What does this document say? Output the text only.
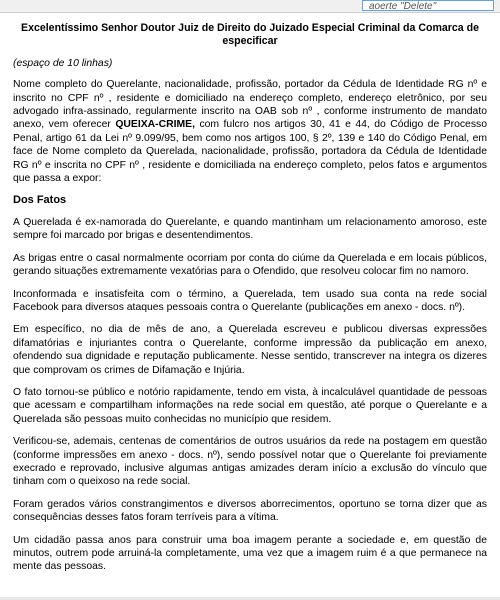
aoerte "Delete"
Excelentíssimo Senhor Doutor Juiz de Direito do Juizado Especial Criminal da Comarca de especificar
(espaço de 10 linhas)

Nome completo do Querelante, nacionalidade, profissão, portador da Cédula de Identidade RG nº e inscrito no CPF nº , residente e domiciliado na endereço completo, endereço eletrônico, por seu advogado infra-assinado, regularmente inscrito na OAB sob nº , conforme instrumento de mandato anexo, vem oferecer QUEIXA-CRIME, com fulcro nos artigos 30, 41 e 44, do Código de Processo Penal, artigo 61 da Lei nº 9.099/95, bem como nos artigos 100, § 2º, 139 e 140 do Código Penal, em face de Nome completo da Querelada, nacionalidade, profissão, portadora da Cédula de Identidade RG nº e inscrita no CPF nº , residente e domiciliada na endereço completo, pelos fatos e argumentos que passa a expor:

Dos Fatos

A Querelada é ex-namorada do Querelante, e quando mantinham um relacionamento amoroso, este sempre foi marcado por brigas e desentendimentos.

As brigas entre o casal normalmente ocorriam por conta do ciúme da Querelada e em locais públicos, gerando situações extremamente vexatórias para o Ofendido, que resolveu colocar fim no namoro.

Inconformada e insatisfeita com o término, a Querelada, tem usado sua conta na rede social Facebook para diversos ataques pessoais contra o Querelante (publicações em anexo - docs. nº).

Em específico, no dia de mês de ano, a Querelada escreveu e publicou diversas expressões difamatórias e injuriantes contra o Querelante, conforme impressão da publicação em anexo, ofendendo sua dignidade e reputação publicamente. Nesse sentido, transcrever na integra os dizeres que comprovam os crimes de Difamação e Injúria.

O fato tornou-se público e notório rapidamente, tendo em vista, à incalculável quantidade de pessoas que acessam e compartilham informações na rede social em questão, até porque o Querelante e a Querelada são pessoas muito conhecidas no município que residem.

Verificou-se, ademais, centenas de comentários de outros usuários da rede na postagem em questão (conforme impressões em anexo - docs. nº), sendo possível notar que o Querelante foi previamente execrado e reprovado, inclusive algumas antigas amizades deram início a exclusão do vínculo que tinham com o queixoso na rede social.

Foram gerados vários constrangimentos e diversos aborrecimentos, oportuno se torna dizer que as consequências desses fatos foram terríveis para a vítima.

Um cidadão passa anos para construir uma boa imagem perante a sociedade e, em questão de minutos, outrem pode arruiná-la completamente, uma vez que a imagem ruim é a que permanece na mente das pessoas.
